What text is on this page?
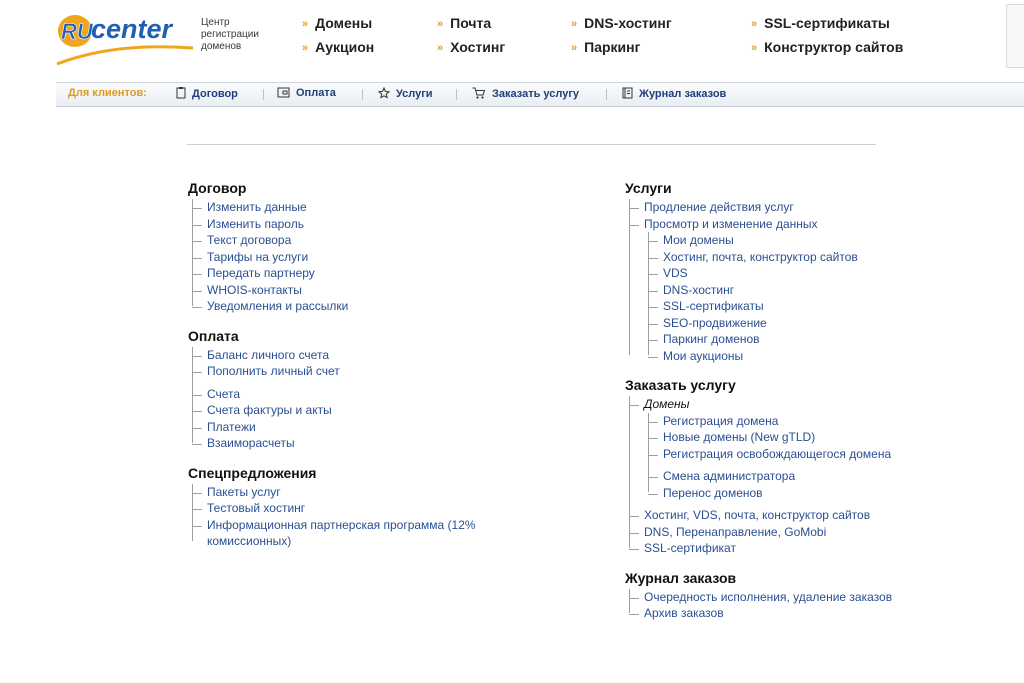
RU
center	Центр регистрации доменов
» Домены	» Почта	» DNS-хостинг	» SSL-сертификаты
» Аукцион	» Хостинг	» Паркинг	» Конструктор сайтов
Для клиентов:	Договор	Оплата	Услуги	Заказать услугу	Журнал заказов
Договор
Изменить данные
Изменить пароль
Текст договора
Тарифы на услуги
Передать партнеру
WHOIS-контакты
Уведомления и рассылки
Оплата
Баланс личного счета
Пополнить личный счет
Счета
Счета фактуры и акты
Платежи
Взаиморасчеты
Спецпредложения
Пакеты услуг
Тестовый хостинг
Информационная партнерская программа (12% комиссионных)
Услуги
Продление действия услуг
Просмотр и изменение данных
Мои домены
Хостинг, почта, конструктор сайтов
VDS
DNS-хостинг
SSL-сертификаты
SEO-продвижение
Паркинг доменов
Мои аукционы
Заказать услугу
Домены
Регистрация домена
Новые домены (New gTLD)
Регистрация освобождающегося домена
Смена администратора
Перенос доменов
Хостинг, VDS, почта, конструктор сайтов
DNS, Перенаправление, GoMobi
SSL-сертификат
Журнал заказов
Очередность исполнения, удаление заказов
Архив заказов
